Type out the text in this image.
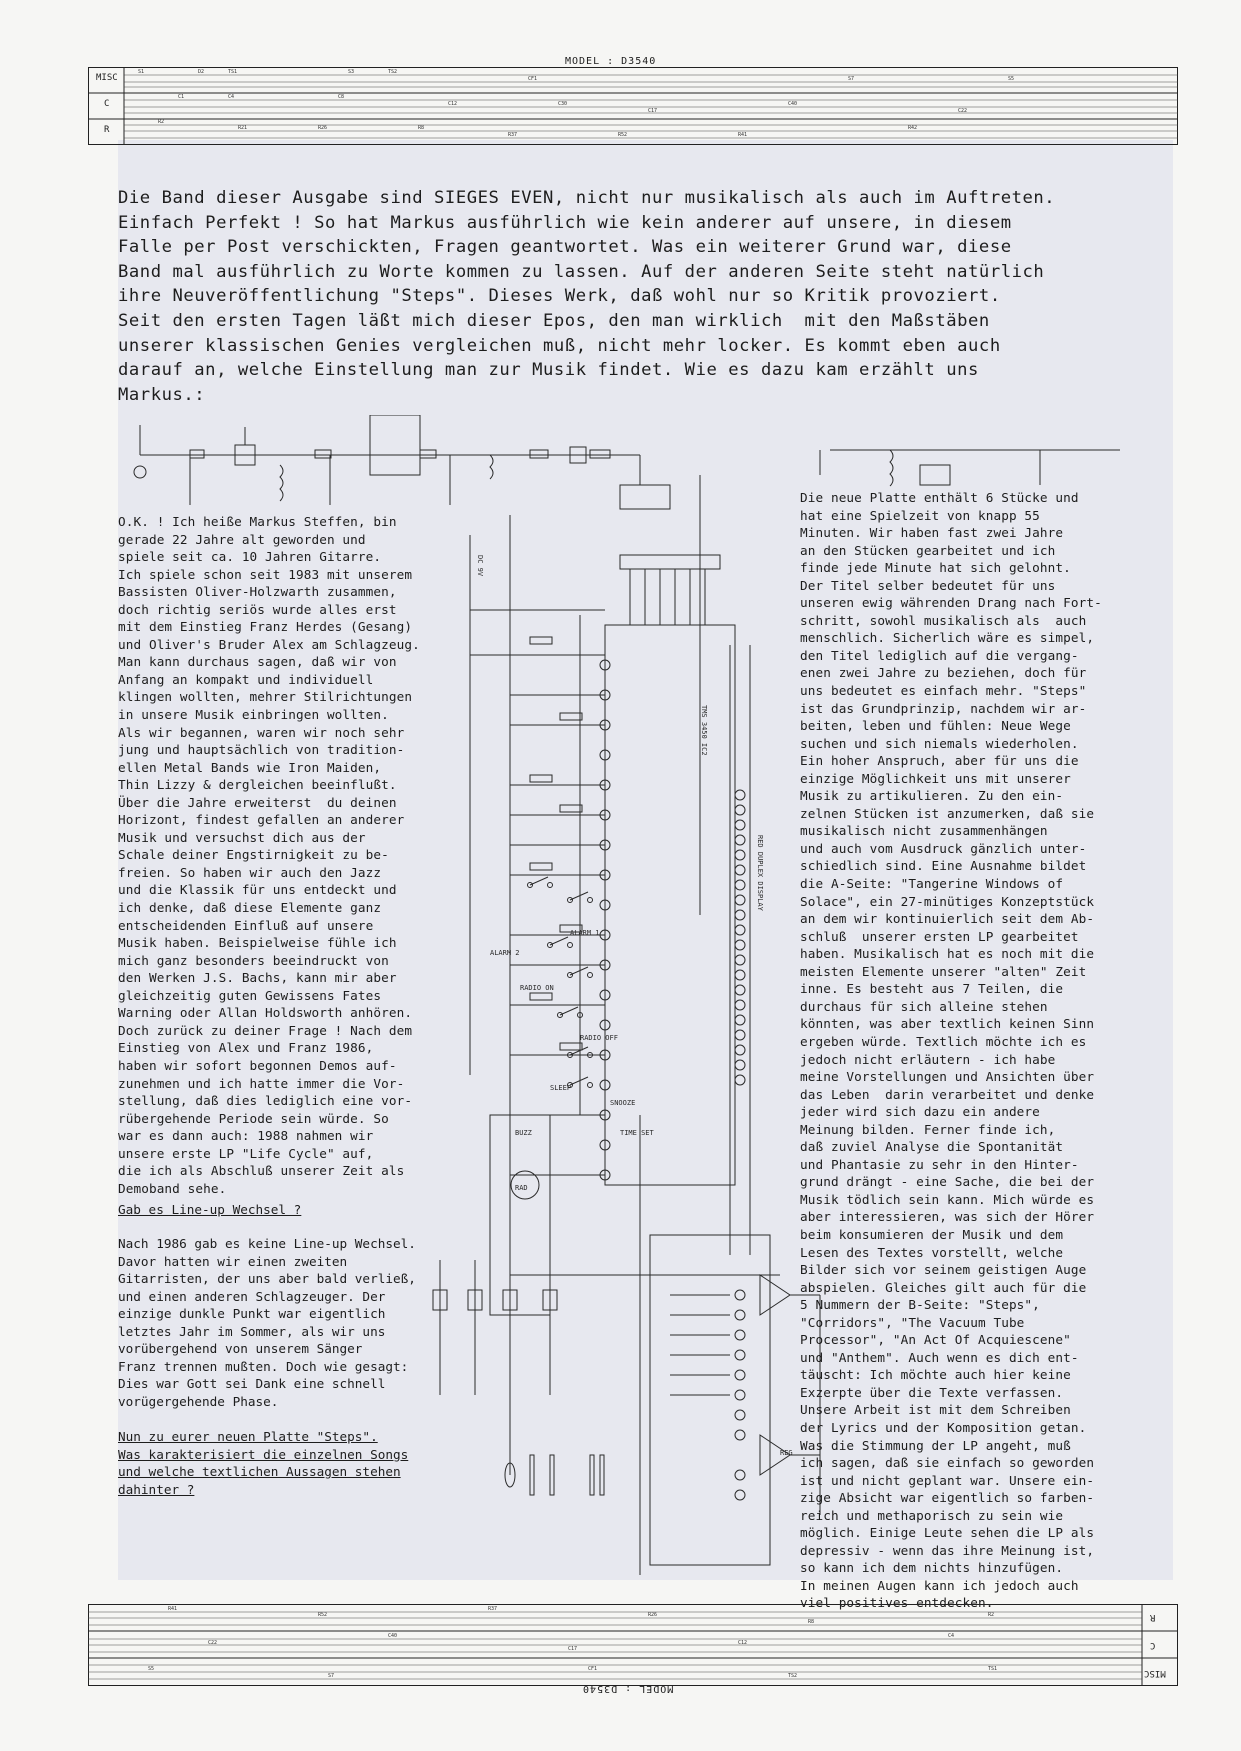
MODEL : D3540
S1	D2	TS1	S3	TS2
CF1	S7	S5
C1	C4	C8
C12	C30
C17
C40
C22
R2
R21	R26	R8
R37	R52	R41
R42
MISC
C
R

Die Band dieser Ausgabe sind SIEGES EVEN, nicht nur musikalisch als auch im Auftreten.
Einfach Perfekt ! So hat Markus ausführlich wie kein anderer auf unsere, in diesem
Falle per Post verschickten, Fragen geantwortet. Was ein weiterer Grund war, diese
Band mal ausführlich zu Worte kommen zu lassen. Auf der anderen Seite steht natürlich
ihre Neuveröffentlichung "Steps". Dieses Werk, daß wohl nur so Kritik provoziert.
Seit den ersten Tagen läßt mich dieser Epos, den man wirklich  mit den Maßstäben
unserer klassischen Genies vergleichen muß, nicht mehr locker. Es kommt eben auch
darauf an, welche Einstellung man zur Musik findet. Wie es dazu kam erzählt uns
Markus.:

ALARM 2
ALARM 1
RADIO ON
RADIO OFF
SLEEP
SNOOZE
TIME SET
BUZZ
RAD
REG
DC 9V
TMS 3450 IC2
RED DUPLEX DISPLAY
O.K. ! Ich heiße Markus Steffen, bin
gerade 22 Jahre alt geworden und
spiele seit ca. 10 Jahren Gitarre.
Ich spiele schon seit 1983 mit unserem
Bassisten Oliver-Holzwarth zusammen,
doch richtig seriös wurde alles erst
mit dem Einstieg Franz Herdes (Gesang)
und Oliver's Bruder Alex am Schlagzeug.
Man kann durchaus sagen, daß wir von
Anfang an kompakt und individuell
klingen wollten, mehrer Stilrichtungen
in unsere Musik einbringen wollten.
Als wir begannen, waren wir noch sehr
jung und hauptsächlich von tradition-
ellen Metal Bands wie Iron Maiden,
Thin Lizzy & dergleichen beeinflußt.
Über die Jahre erweiterst  du deinen
Horizont, findest gefallen an anderer
Musik und versuchst dich aus der
Schale deiner Engstirnigkeit zu be-
freien. So haben wir auch den Jazz
und die Klassik für uns entdeckt und
ich denke, daß diese Elemente ganz
entscheidenden Einfluß auf unsere
Musik haben. Beispielweise fühle ich
mich ganz besonders beeindruckt von
den Werken J.S. Bachs, kann mir aber
gleichzeitig guten Gewissens Fates
Warning oder Allan Holdsworth anhören.
Doch zurück zu deiner Frage ! Nach dem
Einstieg von Alex und Franz 1986,
haben wir sofort begonnen Demos auf-
zunehmen und ich hatte immer die Vor-
stellung, daß dies lediglich eine vor-
rübergehende Periode sein würde. So
war es dann auch: 1988 nahmen wir
unsere erste LP "Life Cycle" auf,
die ich als Abschluß unserer Zeit als
Demoband sehe.
Gab es Line-up Wechsel ?
Nach 1986 gab es keine Line-up Wechsel.
Davor hatten wir einen zweiten
Gitarristen, der uns aber bald verließ,
und einen anderen Schlagzeuger. Der
einzige dunkle Punkt war eigentlich
letztes Jahr im Sommer, als wir uns
vorübergehend von unserem Sänger
Franz trennen mußten. Doch wie gesagt:
Dies war Gott sei Dank eine schnell
vorügergehende Phase.
Nun zu eurer neuen Platte "Steps".
Was karakterisiert die einzelnen Songs
und welche textlichen Aussagen stehen
dahinter ?
Die neue Platte enthält 6 Stücke und
hat eine Spielzeit von knapp 55
Minuten. Wir haben fast zwei Jahre
an den Stücken gearbeitet und ich
finde jede Minute hat sich gelohnt.
Der Titel selber bedeutet für uns
unseren ewig währenden Drang nach Fort-
schritt, sowohl musikalisch als  auch
menschlich. Sicherlich wäre es simpel,
den Titel lediglich auf die vergang-
enen zwei Jahre zu beziehen, doch für
uns bedeutet es einfach mehr. "Steps"
ist das Grundprinzip, nachdem wir ar-
beiten, leben und fühlen: Neue Wege
suchen und sich niemals wiederholen.
Ein hoher Anspruch, aber für uns die
einzige Möglichkeit uns mit unserer
Musik zu artikulieren. Zu den ein-
zelnen Stücken ist anzumerken, daß sie
musikalisch nicht zusammenhängen
und auch vom Ausdruck gänzlich unter-
schiedlich sind. Eine Ausnahme bildet
die A-Seite: "Tangerine Windows of
Solace", ein 27-minütiges Konzeptstück
an dem wir kontinuierlich seit dem Ab-
schluß  unserer ersten LP gearbeitet
haben. Musikalisch hat es noch mit die
meisten Elemente unserer "alten" Zeit
inne. Es besteht aus 7 Teilen, die
durchaus für sich alleine stehen
könnten, was aber textlich keinen Sinn
ergeben würde. Textlich möchte ich es
jedoch nicht erläutern - ich habe
meine Vorstellungen und Ansichten über
das Leben  darin verarbeitet und denke
jeder wird sich dazu ein andere
Meinung bilden. Ferner finde ich,
daß zuviel Analyse die Spontanität
und Phantasie zu sehr in den Hinter-
grund drängt - eine Sache, die bei der
Musik tödlich sein kann. Mich würde es
aber interessieren, was sich der Hörer
beim konsumieren der Musik und dem
Lesen des Textes vorstellt, welche
Bilder sich vor seinem geistigen Auge
abspielen. Gleiches gilt auch für die
5 Nummern der B-Seite: "Steps",
"Corridors", "The Vacuum Tube
Processor", "An Act Of Acquiescene"
und "Anthem". Auch wenn es dich ent-
täuscht: Ich möchte auch hier keine
Exzerpte über die Texte verfassen.
Unsere Arbeit ist mit dem Schreiben
der Lyrics und der Komposition getan.
Was die Stimmung der LP angeht, muß
ich sagen, daß sie einfach so geworden
ist und nicht geplant war. Unsere ein-
zige Absicht war eigentlich so farben-
reich und methaporisch zu sein wie
möglich. Einige Leute sehen die LP als
depressiv - wenn das ihre Meinung ist,
so kann ich dem nichts hinzufügen.
In meinen Augen kann ich jedoch auch
viel positives entdecken.
R41
R52
R37
R26
R8
R2
C22
C40
C17
C12
C4
S5
S7
CF1
TS2
TS1
R
C
MISC
MODEL : D3540
